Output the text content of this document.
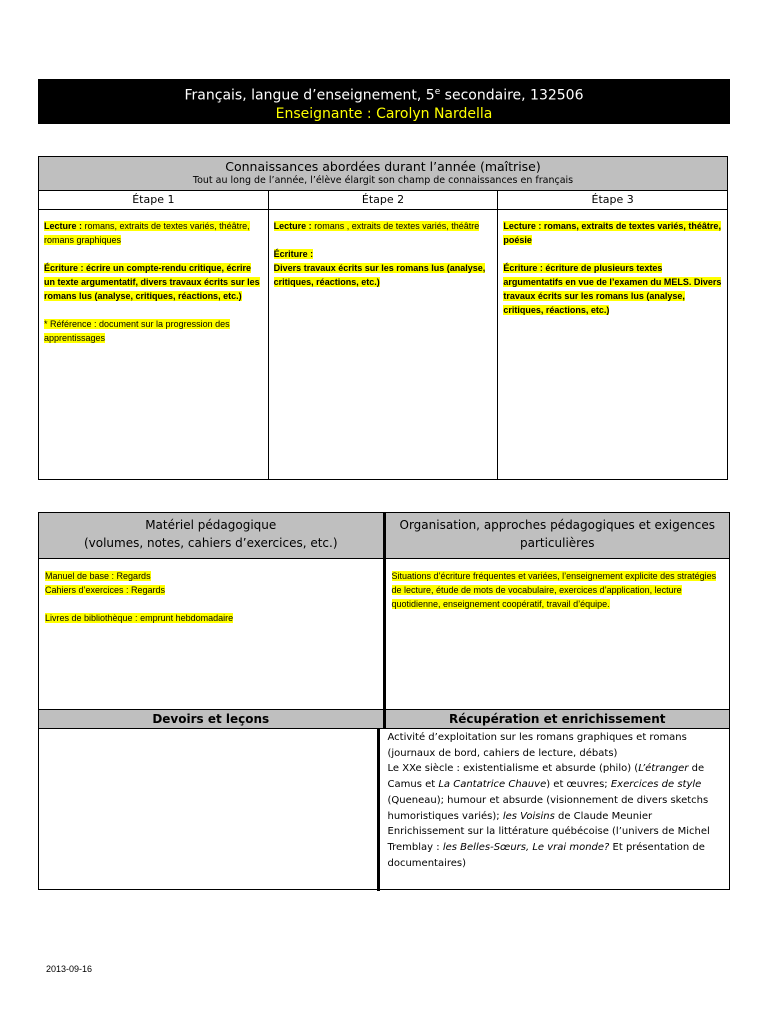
Français, langue d’enseignement, 5e secondaire, 132506
Enseignante : Carolyn Nardella
Connaissances abordées durant l’année (maîtrise)
Tout au long de l’année, l’élève élargit son champ de connaissances en français
Étape 1

Lecture : romans, extraits de textes variés, théâtre, romans graphiques

Écriture : écrire un compte-rendu critique, écrire un texte argumentatif, divers travaux écrits sur les romans lus (analyse, critiques, réactions, etc.)

* Référence : document sur la progression des apprentissages

Étape 2

Lecture : romans , extraits de textes variés, théâtre

Écriture :
Divers travaux écrits sur les romans lus (analyse, critiques, réactions, etc.)

Étape 3

Lecture : romans, extraits de textes variés, théâtre, poésie

Écriture : écriture de plusieurs textes argumentatifs en vue de l’examen du MELS. Divers travaux écrits sur les romans lus (analyse, critiques, réactions, etc.)

Matériel pédagogique
(volumes, notes, cahiers d’exercices, etc.)
Organisation, approches pédagogiques et exigences particulières

Manuel de base : Regards
Cahiers d’exercices : Regards

Livres de bibliothèque : emprunt hebdomadaire

Situations d’écriture fréquentes et variées, l’enseignement explicite des stratégies de lecture, étude de mots de vocabulaire, exercices d’application, lecture quotidienne, enseignement coopératif, travail d’équipe.

Devoirs et leçons	Récupération et enrichissement
Activité d’exploitation sur les romans graphiques et romans (journaux de bord, cahiers de lecture, débats)
Le XXe siècle : existentialisme et absurde (philo) (L’étranger de Camus et La Cantatrice Chauve) et œuvres; Exercices de style (Queneau); humour et absurde (visionnement de divers sketchs humoristiques variés); les Voisins de Claude Meunier
Enrichissement sur la littérature québécoise (l’univers de Michel Tremblay : les Belles-Sœurs, Le vrai monde? Et présentation de documentaires)
2013-09-16
